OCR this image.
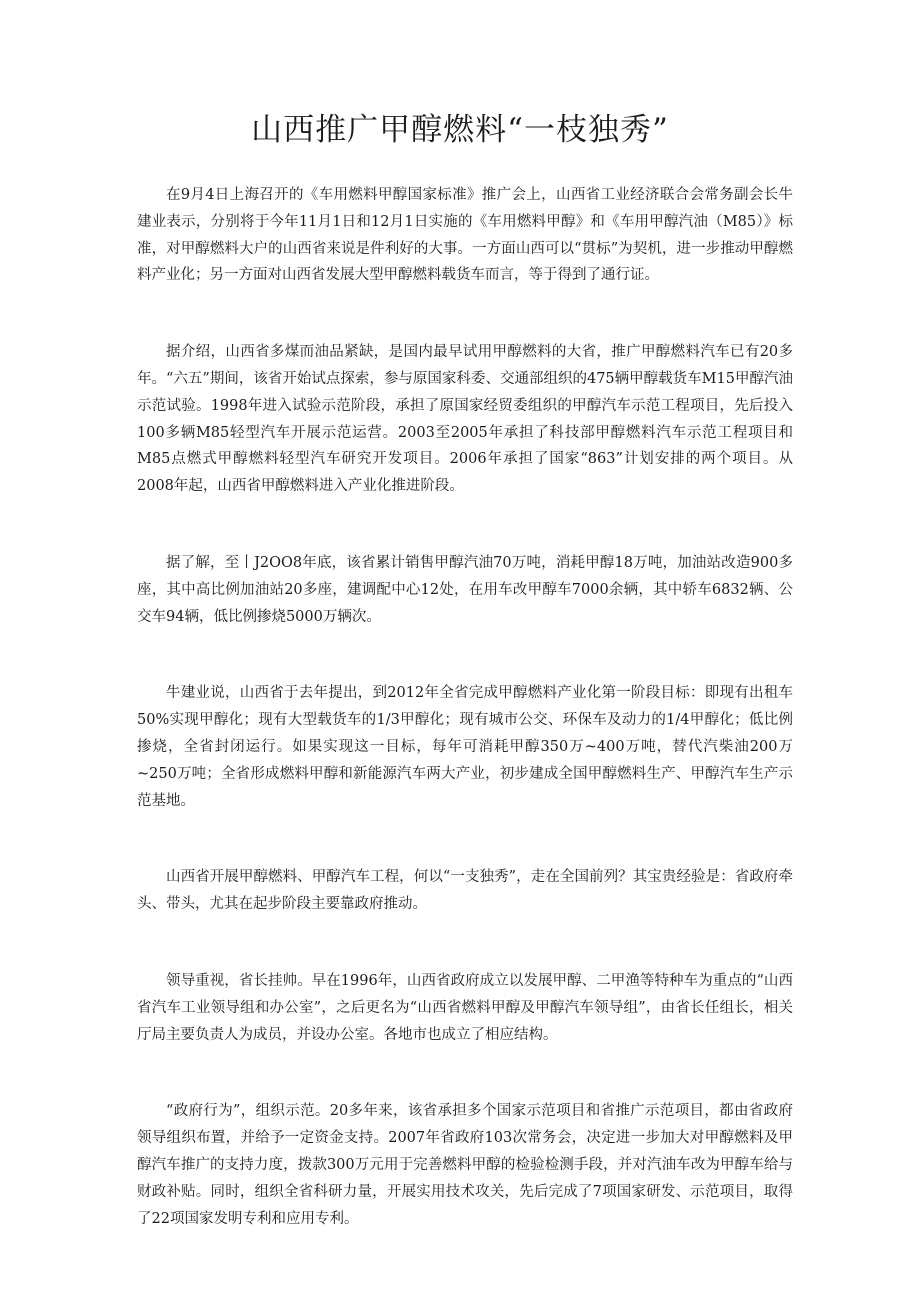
山西推广甲醇燃料“一枝独秀”

在9月4日上海召开的《车用燃料甲醇国家标准》推广会上，山西省工业经济联合会常务副会长牛建业表示，分别将于今年11月1日和12月1日实施的《车用燃料甲醇》和《车用甲醇汽油（M85）》标准，对甲醇燃料大户的山西省来说是件利好的大事。一方面山西可以“贯标”为契机，进一步推动甲醇燃料产业化；另一方面对山西省发展大型甲醇燃料载货车而言，等于得到了通行证。

据介绍，山西省多煤而油品紧缺，是国内最早试用甲醇燃料的大省，推广甲醇燃料汽车已有20多年。“六五”期间，该省开始试点探索，参与原国家科委、交通部组织的475辆甲醇载货车M15甲醇汽油示范试验。1998年进入试验示范阶段，承担了原国家经贸委组织的甲醇汽车示范工程项目，先后投入100多辆M85轻型汽车开展示范运营。2003至2005年承担了科技部甲醇燃料汽车示范工程项目和M85点燃式甲醇燃料轻型汽车研究开发项目。2006年承担了国家“863”计划安排的两个项目。从2008年起，山西省甲醇燃料进入产业化推进阶段。

据了解，至丨J2OO8年底，该省累计销售甲醇汽油70万吨，消耗甲醇18万吨，加油站改造900多座，其中高比例加油站20多座，建调配中心12处，在用车改甲醇车7000余辆，其中轿车6832辆、公交车94辆，低比例掺烧5000万辆次。

牛建业说，山西省于去年提出，到2012年全省完成甲醇燃料产业化第一阶段目标：即现有出租车50%实现甲醇化；现有大型载货车的1/3甲醇化；现有城市公交、环保车及动力的1/4甲醇化；低比例掺烧，全省封闭运行。如果实现这一目标，每年可消耗甲醇350万~400万吨，替代汽柴油200万~250万吨；全省形成燃料甲醇和新能源汽车两大产业，初步建成全国甲醇燃料生产、甲醇汽车生产示范基地。

山西省开展甲醇燃料、甲醇汽车工程，何以“一支独秀”，走在全国前列？其宝贵经验是：省政府牵头、带头，尤其在起步阶段主要靠政府推动。

领导重视，省长挂帅。早在1996年，山西省政府成立以发展甲醇、二甲渔等特种车为重点的“山西省汽车工业领导组和办公室”，之后更名为“山西省燃料甲醇及甲醇汽车领导组”，由省长任组长，相关厅局主要负责人为成员，并设办公室。各地市也成立了相应结构。

“政府行为”，组织示范。20多年来，该省承担多个国家示范项目和省推广示范项目，都由省政府领导组织布置，并给予一定资金支持。2007年省政府103次常务会，决定进一步加大对甲醇燃料及甲醇汽车推广的支持力度，拨款300万元用于完善燃料甲醇的检验检测手段，并对汽油车改为甲醇车给与财政补贴。同时，组织全省科研力量，开展实用技术攻关，先后完成了7项国家研发、示范项目，取得了22项国家发明专利和应用专利。
